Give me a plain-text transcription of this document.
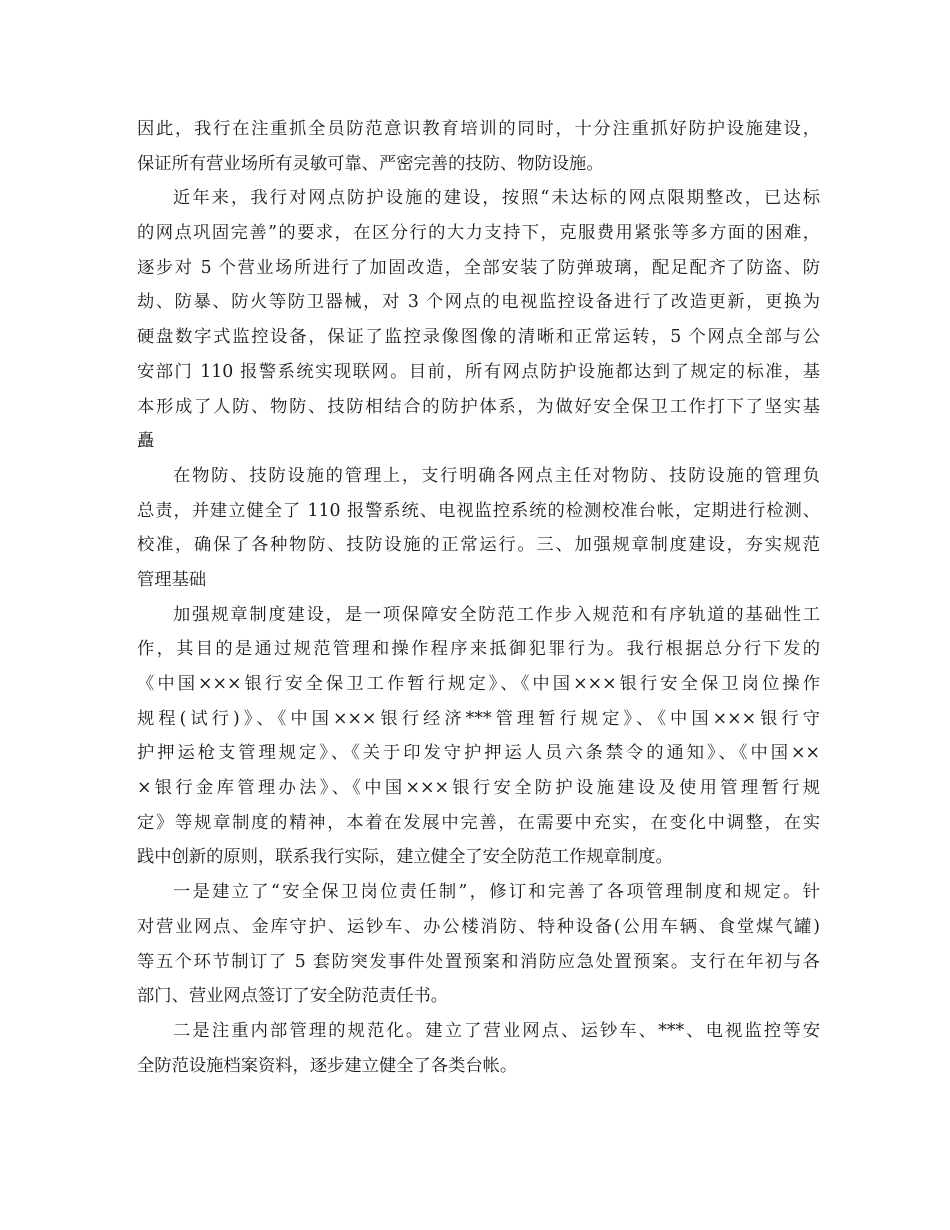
因此，我行在注重抓全员防范意识教育培训的同时，十分注重抓好防护设施建设，
保证所有营业场所有灵敏可靠、严密完善的技防、物防设施。
近年来，我行对网点防护设施的建设，按照“未达标的网点限期整改，已达标
的网点巩固完善”的要求，在区分行的大力支持下，克服费用紧张等多方面的困难，
逐步对 5 个营业场所进行了加固改造，全部安装了防弹玻璃，配足配齐了防盗、防
劫、防暴、防火等防卫器械，对 3 个网点的电视监控设备进行了改造更新，更换为
硬盘数字式监控设备，保证了监控录像图像的清晰和正常运转，5 个网点全部与公
安部门 110 报警系统实现联网。目前，所有网点防护设施都达到了规定的标准，基
本形成了人防、物防、技防相结合的防护体系，为做好安全保卫工作打下了坚实基
矗
在物防、技防设施的管理上，支行明确各网点主任对物防、技防设施的管理负
总责，并建立健全了 110 报警系统、电视监控系统的检测校准台帐，定期进行检测、
校准，确保了各种物防、技防设施的正常运行。三、加强规章制度建设，夯实规范
管理基础
加强规章制度建设，是一项保障安全防范工作步入规范和有序轨道的基础性工
作，其目的是通过规范管理和操作程序来抵御犯罪行为。我行根据总分行下发的
《中国×××银行安全保卫工作暂行规定》、《中国×××银行安全保卫岗位操作
规程(试行)》、《中国×××银行经济***管理暂行规定》、《中国×××银行守
护押运枪支管理规定》、《关于印发守护押运人员六条禁令的通知》、《中国××
×银行金库管理办法》、《中国×××银行安全防护设施建设及使用管理暂行规
定》等规章制度的精神，本着在发展中完善，在需要中充实，在变化中调整，在实
践中创新的原则，联系我行实际，建立健全了安全防范工作规章制度。
一是建立了“安全保卫岗位责任制”，修订和完善了各项管理制度和规定。针
对营业网点、金库守护、运钞车、办公楼消防、特种设备(公用车辆、食堂煤气罐)
等五个环节制订了 5 套防突发事件处置预案和消防应急处置预案。支行在年初与各
部门、营业网点签订了安全防范责任书。
二是注重内部管理的规范化。建立了营业网点、运钞车、***、电视监控等安
全防范设施档案资料，逐步建立健全了各类台帐。
